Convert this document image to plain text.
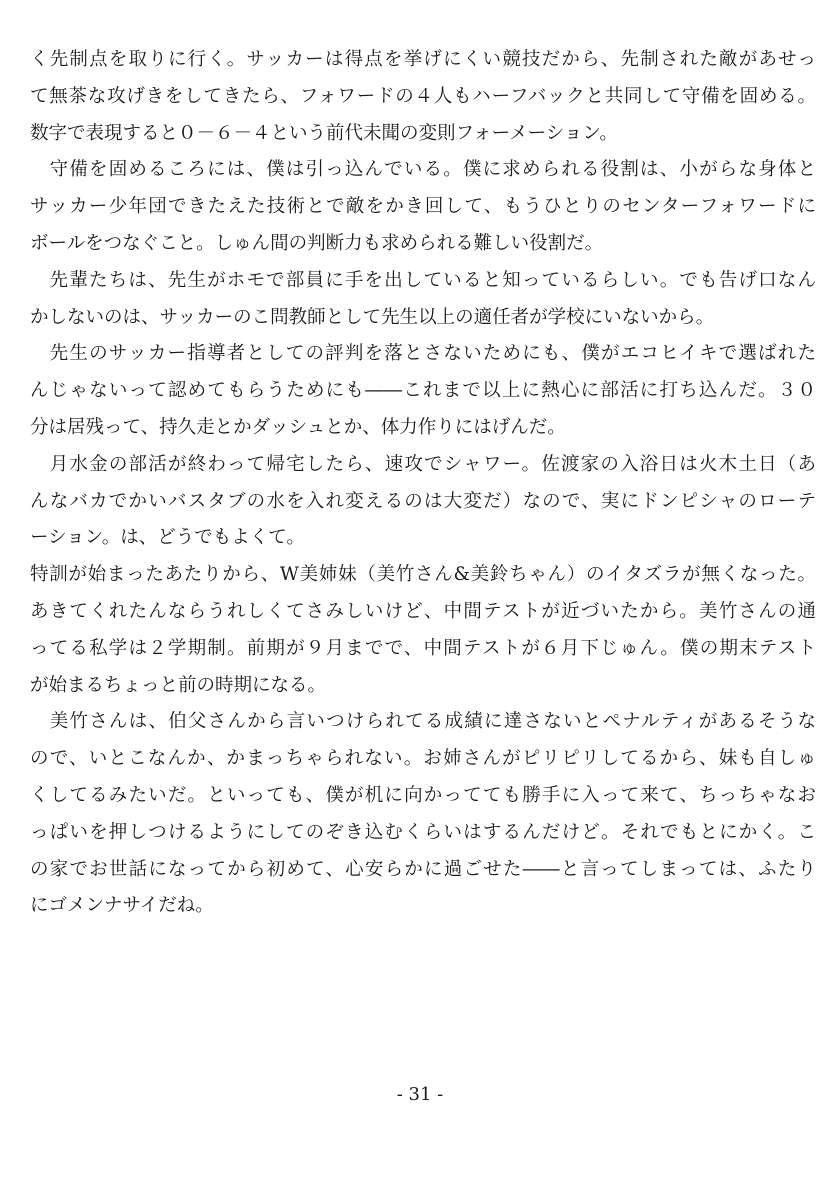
く先制点を取りに行く。サッカーは得点を挙げにくい競技だから、先制された敵があせっ
て無茶な攻げきをしてきたら、フォワードの４人もハーフバックと共同して守備を固める。
数字で表現すると０－６－４という前代未聞の変則フォーメーション。
　守備を固めるころには、僕は引っ込んでいる。僕に求められる役割は、小がらな身体と
サッカー少年団できたえた技術とで敵をかき回して、もうひとりのセンターフォワードに
ボールをつなぐこと。しゅん間の判断力も求められる難しい役割だ。
　先輩たちは、先生がホモで部員に手を出していると知っているらしい。でも告げ口なん
かしないのは、サッカーのこ問教師として先生以上の適任者が学校にいないから。
　先生のサッカー指導者としての評判を落とさないためにも、僕がエコヒイキで選ばれた
んじゃないって認めてもらうためにも――これまで以上に熱心に部活に打ち込んだ。３０
分は居残って、持久走とかダッシュとか、体力作りにはげんだ。
　月水金の部活が終わって帰宅したら、速攻でシャワー。佐渡家の入浴日は火木土日（あ
んなバカでかいバスタブの水を入れ変えるのは大変だ）なので、実にドンピシャのローテ
ーション。は、どうでもよくて。
特訓が始まったあたりから、W美姉妹（美竹さん&美鈴ちゃん）のイタズラが無くなった。
あきてくれたんならうれしくてさみしいけど、中間テストが近づいたから。美竹さんの通
ってる私学は２学期制。前期が９月までで、中間テストが６月下じゅん。僕の期末テスト
が始まるちょっと前の時期になる。
　美竹さんは、伯父さんから言いつけられてる成績に達さないとペナルティがあるそうな
ので、いとこなんか、かまっちゃられない。お姉さんがピリピリしてるから、妹も自しゅ
くしてるみたいだ。といっても、僕が机に向かってても勝手に入って来て、ちっちゃなお
っぱいを押しつけるようにしてのぞき込むくらいはするんだけど。それでもとにかく。こ
の家でお世話になってから初めて、心安らかに過ごせた――と言ってしまっては、ふたり
にゴメンナサイだね。
- 31 -
